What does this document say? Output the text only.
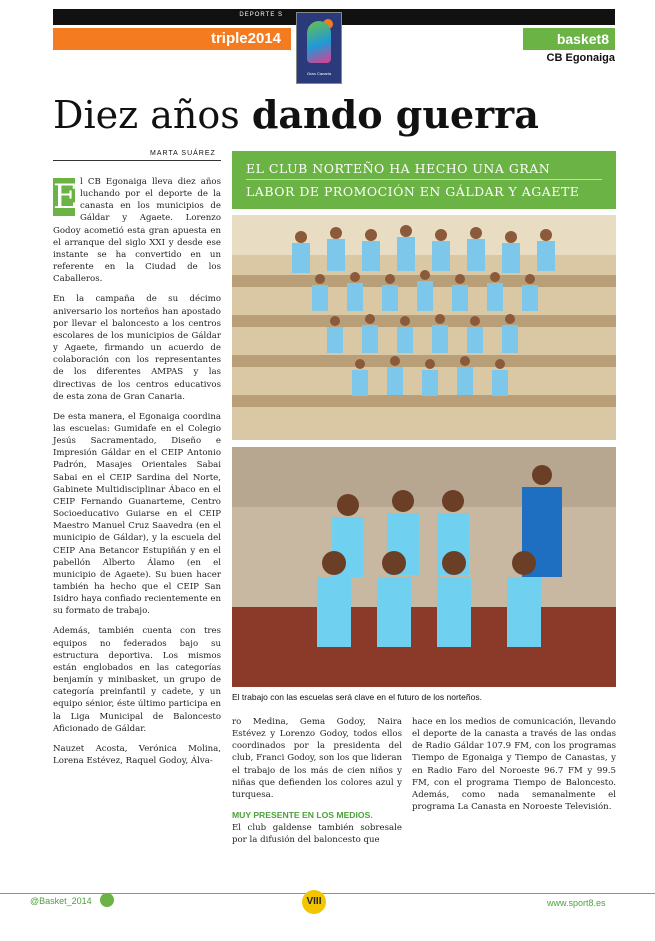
DEPORTE S
triple2014
Gran Canaria
basket8
CB Egonaiga
Diez años dando guerra
MARTA SUÁREZ
EL CLUB NORTEÑO HA HECHO UNA GRAN
LABOR DE PROMOCIÓN EN GÁLDAR Y AGAETE

E l CB Egonaiga lleva diez años luchando por el deporte de la canasta en los municipios de Gáldar y Agaete. Lorenzo Godoy acometió esta gran apuesta en el arranque del siglo XXI y desde ese instante se ha convertido en un referente en la Ciudad de los Caballeros.

En la campaña de su décimo aniversario los norteños han apostado por llevar el baloncesto a los centros escolares de los municipios de Gáldar y Agaete, firmando un acuerdo de colaboración con los representantes de los diferentes AMPAS y las directivas de los centros educativos de esta zona de Gran Canaria.

De esta manera, el Egonaiga coordina las escuelas: Gumidafe en el Colegio Jesús Sacramentado, Diseño e Impresión Gáldar en el CEIP Antonio Padrón, Masajes Orientales Sabai Sabai en el CEIP Sardina del Norte, Gabinete Multidisciplinar Ábaco en el CEIP Fernando Guanarteme, Centro Socioeducativo Guiarse en el CEIP Maestro Manuel Cruz Saavedra (en el municipio de Gáldar), y la escuela del CEIP Ana Betancor Estupiñán y en el pabellón Alberto Álamo (en el municipio de Agaete). Su buen hacer también ha hecho que el CEIP San Isidro haya confiado recientemente en su formato de trabajo.

Además, también cuenta con tres equipos no federados bajo su estructura deportiva. Los mismos están englobados en las categorías benjamín y minibasket, un grupo de categoría preinfantil y cadete, y un equipo sénior, éste último participa en la Liga Municipal de Baloncesto Aficionado de Gáldar.

Nauzet Acosta, Verónica Molina, Lorena Estévez, Raquel Godoy, Álva-

El trabajo con las escuelas será clave en el futuro de los norteños.

ro Medina, Gema Godoy, Naira Estévez y Lorenzo Godoy, todos ellos coordinados por la presidenta del club, Franci Godoy, son los que lideran el trabajo de los más de cien niños y niñas que defienden los colores azul y turquesa.

MUY PRESENTE EN LOS MEDIOS.
El club galdense también sobresale por la difusión del baloncesto que

hace en los medios de comunicación, llevando el deporte de la canasta a través de las ondas de Radio Gáldar 107.9 FM, con los programas Tiempo de Egonaiga y Tiempo de Canastas, y en Radio Faro del Noroeste 96.7 FM y 99.5 FM, con el programa Tiempo de Baloncesto. Además, como nada semanalmente el programa La Canasta en Noroeste Televisión.

@Basket_2014	VIII	www.sport8.es
